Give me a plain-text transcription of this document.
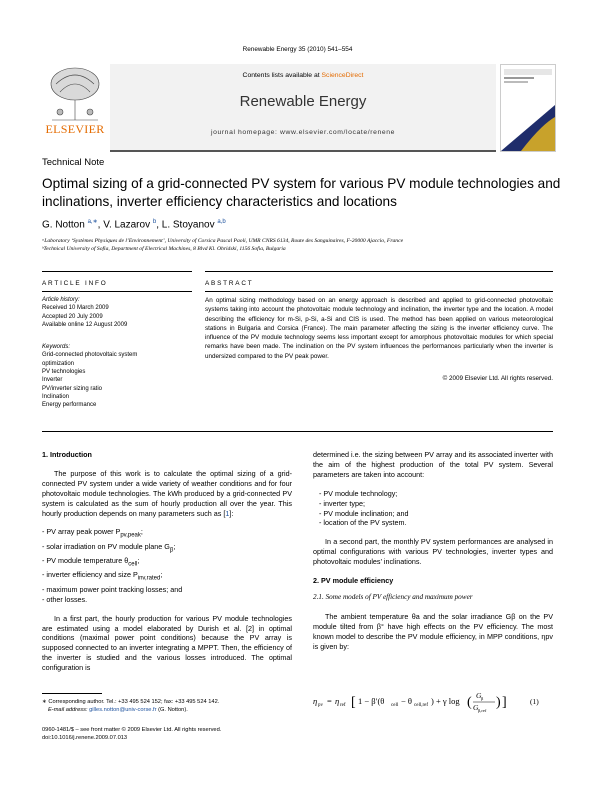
Renewable Energy 35 (2010) 541–554
ELSEVIER
Contents lists available at ScienceDirect
Renewable Energy
journal homepage: www.elsevier.com/locate/renene
Technical Note
Optimal sizing of a grid-connected PV system for various PV module technologies and inclinations, inverter efficiency characteristics and locations
G. Notton $^{a,∗}$, V. Lazarov $^b$, L. Stoyanov $^{a,b}$
ᵃLaboratory ‘Systèmes Physiques de l’Environnement’, University of Corsica Pascal Paoli, UMR CNRS 6134, Route des Sanguinaires, F-20000 Ajaccio, France
ᵇTechnical University of Sofia, Department of Electrical Machines, 8 Blvd Kl. Ohridski, 1156 Sofia, Bulgaria
ARTICLE INFO	ABSTRACT
Article history:
Received 10 March 2009
Accepted 20 July 2009
Available online 12 August 2009
Keywords:
Grid-connected photovoltaic system
optimization
PV technologies
Inverter
PV/inverter sizing ratio
Inclination
Energy performance
An optimal sizing methodology based on an energy approach is described and applied to grid-connected photovoltaic systems taking into account the photovoltaic module technology and inclination, the inverter type and the location. A model describing the efficiency for m-Si, p-Si, a-Si and CIS is used. The method has been applied on various meteorological stations in Bulgaria and Corsica (France). The main parameter affecting the sizing is the inverter efficiency curve. The influence of the PV module technology seems less important except for amorphous photovoltaic modules for which special remarks have been made. The inclination on the PV system influences the performances particularly when the inverter is undersized compared to the PV peak power.
© 2009 Elsevier Ltd. All rights reserved.
1. Introduction

The purpose of this work is to calculate the optimal sizing of a grid-connected PV system under a wide variety of weather conditions and for four photovoltaic module technologies. The kWh produced by a grid-connected PV system is calculated as the sum of hourly production all over the year. This hourly production depends on many parameters such as [1]:

- PV array peak power $P_{pv,peak}$;
- solar irradiation on PV module plane $G_\beta$;
- PV module temperature $\theta_{cell}$;
- inverter efficiency and size $P_{inv,rated}$;
- maximum power point tracking losses; and
- other losses.

In a first part, the hourly production for various PV module technologies are estimated using a model elaborated by Durish et al. [2] in optimal conditions (maximal power point conditions) because the PV array is supposed connected to an inverter integrating a MPPT. Then, the efficiency of the inverter is studied and the various losses introduced. The optimal configuration is

∗ Corresponding author. Tel.: +33 495 524 152; fax: +33 495 524 142.
E-mail address: gilles.notton@univ-corse.fr (G. Notton).
0960-1481/$ – see front matter © 2009 Elsevier Ltd. All rights reserved.
doi:10.1016/j.renene.2009.07.013

determined i.e. the sizing between PV array and its associated inverter with the aim of the highest production of the total PV system. Several parameters are taken into account:

- PV module technology;
- inverter type;
- PV module inclination; and
- location of the PV system.

In a second part, the monthly PV system performances are analysed in optimal configurations with various PV technologies, inverter types and photovoltaic modules’ inclinations.

2. PV module efficiency
2.1. Some models of PV efficiency and maximum power

The ambient temperature θa and the solar irradiance Gβ on the PV module tilted from β° have high effects on the PV efficiency. The most known model to describe the PV module efficiency, in MPP conditions, ηpv is given by:

η pv = η ref [ 1 − β′(θ cell − θ cell,ref ) + γ log ( G β
G β,ref
) ]	(1)
